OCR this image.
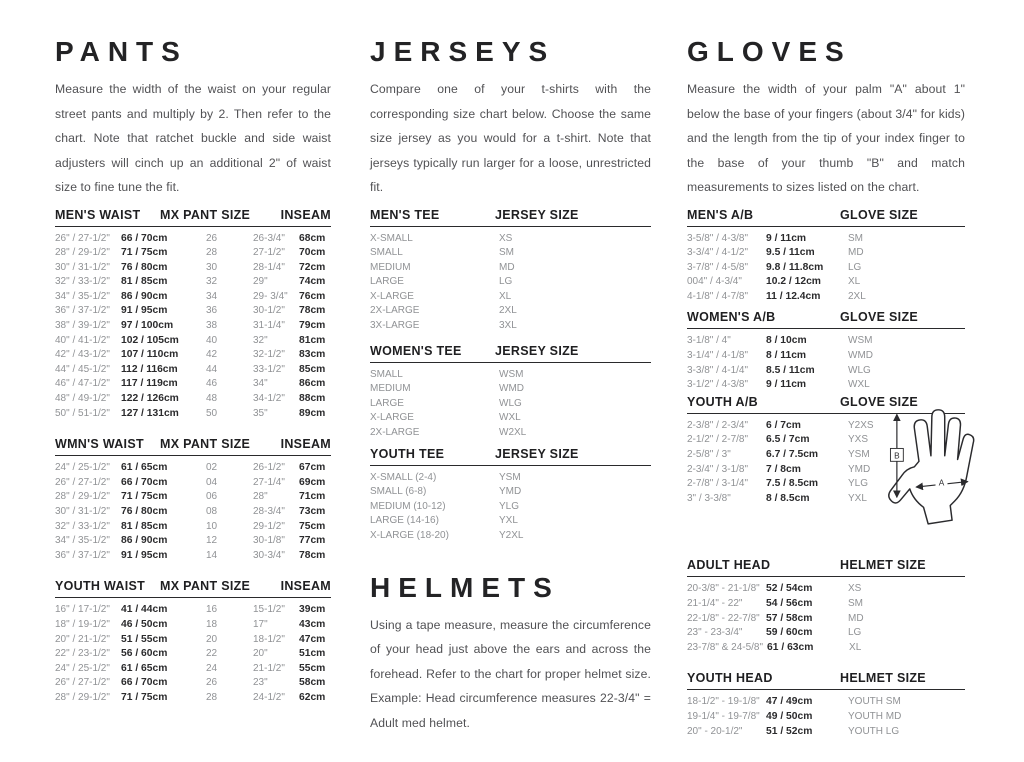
PANTS
Measure the width of the waist on your regular street pants and multiply by 2. Then refer to the chart. Note that ratchet buckle and side waist adjusters will cinch up an additional 2" of waist size to fine tune the fit.
MEN'S WAIST	MX PANT SIZE INSEAM
26" / 27-1/2"	66 / 70cm	26	26-3/4"	68cm
28" / 29-1/2"	71 / 75cm	28	27-1/2"	70cm
30" / 31-1/2"	76 / 80cm	30	28-1/4"	72cm
32" / 33-1/2"	81 / 85cm	32	29"	74cm
34" / 35-1/2"	86 / 90cm	34	29- 3/4"	76cm
36" / 37-1/2"	91 / 95cm	36	30-1/2"	78cm
38" / 39-1/2"	97 / 100cm	38	31-1/4"	79cm
40" / 41-1/2"	102 / 105cm	40	32"	81cm
42" / 43-1/2"	107 / 110cm	42	32-1/2"	83cm
44" / 45-1/2"	112 / 116cm	44	33-1/2"	85cm
46" / 47-1/2"	117 / 119cm	46	34"	86cm
48" / 49-1/2"	122 / 126cm	48	34-1/2"	88cm
50" / 51-1/2"	127 / 131cm	50	35"	89cm
WMN'S WAIST	MX PANT SIZE INSEAM
24" / 25-1/2"	61 / 65cm	02	26-1/2"	67cm
26" / 27-1/2"	66 / 70cm	04	27-1/4"	69cm
28" / 29-1/2"	71 / 75cm	06	28"	71cm
30" / 31-1/2"	76 / 80cm	08	28-3/4"	73cm
32" / 33-1/2"	81 / 85cm	10	29-1/2"	75cm
34" / 35-1/2"	86 / 90cm	12	30-1/8"	77cm
36" / 37-1/2"	91 / 95cm	14	30-3/4"	78cm
YOUTH WAIST	MX PANT SIZE INSEAM
16" / 17-1/2"	41 / 44cm	16	15-1/2"	39cm
18" / 19-1/2"	46 / 50cm	18	17"	43cm
20" / 21-1/2"	51 / 55cm	20	18-1/2"	47cm
22" / 23-1/2"	56 / 60cm	22	20"	51cm
24" / 25-1/2"	61 / 65cm	24	21-1/2"	55cm
26" / 27-1/2"	66 / 70cm	26	23"	58cm
28" / 29-1/2"	71 / 75cm	28	24-1/2"	62cm
JERSEYS
Compare one of your t-shirts with the corresponding size chart below. Choose the same size jersey as you would for a t-shirt. Note that jerseys typically run larger for a loose, unrestricted fit.
MEN'S TEE	JERSEY SIZE
X-SMALL	XS
SMALL	SM
MEDIUM	MD
LARGE	LG
X-LARGE	XL
2X-LARGE	2XL
3X-LARGE	3XL
WOMEN'S TEE	JERSEY SIZE
SMALL	WSM
MEDIUM	WMD
LARGE	WLG
X-LARGE	WXL
2X-LARGE	W2XL
YOUTH TEE	JERSEY SIZE
X-SMALL (2-4)	YSM
SMALL (6-8)	YMD
MEDIUM (10-12)	YLG
LARGE (14-16)	YXL
X-LARGE (18-20)	Y2XL
HELMETS
Using a tape measure, measure the circumference of your head just above the ears and across the forehead. Refer to the chart for proper helmet size. Example: Head circumference measures 22-3/4" = Adult med helmet.
GLOVES
Measure the width of your palm "A" about 1" below the base of your fingers (about 3/4" for kids) and the length from the tip of your index finger to the base of your thumb "B" and match measurements to sizes listed on the chart.
MEN'S A/B	GLOVE SIZE
3-5/8" / 4-3/8"	9 / 11cm	SM
3-3/4" / 4-1/2"	9.5 / 11cm	MD
3-7/8" / 4-5/8"	9.8 / 11.8cm	LG
004" / 4-3/4"	10.2 / 12cm	XL
4-1/8" / 4-7/8"	11 / 12.4cm	2XL
WOMEN'S A/B	GLOVE SIZE
3-1/8" / 4"	8 / 10cm	WSM
3-1/4" / 4-1/8"	8 / 11cm	WMD
3-3/8" / 4-1/4"	8.5 / 11cm	WLG
3-1/2" / 4-3/8"	9 / 11cm	WXL
YOUTH A/B	GLOVE SIZE
2-3/8" / 2-3/4"	6 / 7cm	Y2XS
2-1/2" / 2-7/8"	6.5 / 7cm	YXS
2-5/8" / 3"	6.7 / 7.5cm	YSM
2-3/4" / 3-1/8"	7 / 8cm	YMD
2-7/8" / 3-1/4"	7.5 / 8.5cm	YLG
3" / 3-3/8"	8 / 8.5cm	YXL
ADULT HEAD	HELMET SIZE
20-3/8" - 21-1/8" 52 / 54cm	XS
21-1/4" - 22"	54 / 56cm	SM
22-1/8" - 22-7/8" 57 / 58cm	MD
23" - 23-3/4"	59 / 60cm	LG
23-7/8" & 24-5/8" 61 / 63cm	XL
YOUTH HEAD	HELMET SIZE
18-1/2" - 19-1/8" 47 / 49cm	YOUTH SM
19-1/4" - 19-7/8" 49 / 50cm	YOUTH MD
20" - 20-1/2"	51 / 52cm	YOUTH LG
B
A
